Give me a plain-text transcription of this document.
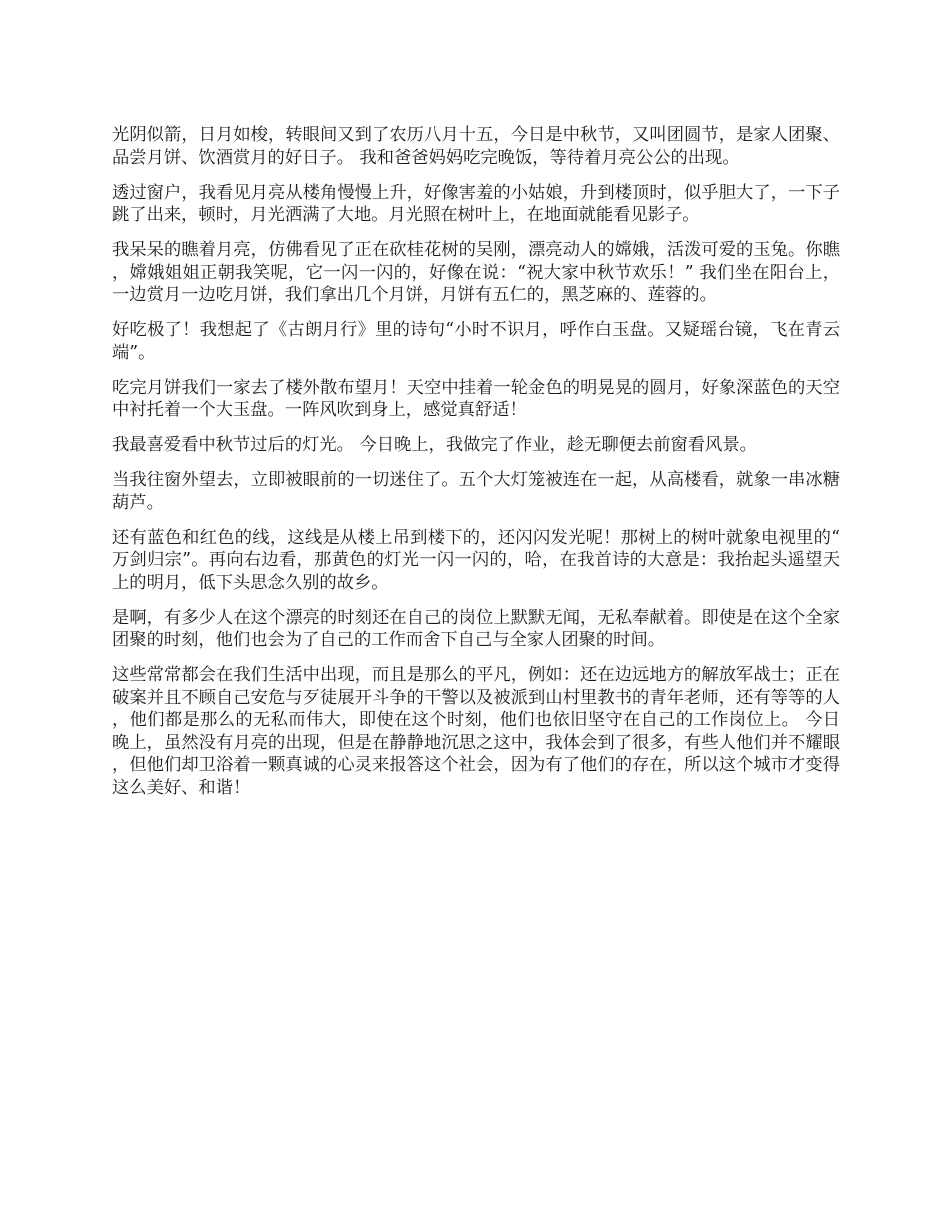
光阴似箭，日月如梭，转眼间又到了农历八月十五，今日是中秋节，又叫团圆节，是家人团聚、品尝月饼、饮酒赏月的好日子。 我和爸爸妈妈吃完晚饭，等待着月亮公公的出现。

透过窗户，我看见月亮从楼角慢慢上升，好像害羞的小姑娘，升到楼顶时，似乎胆大了，一下子跳了出来，顿时，月光洒满了大地。月光照在树叶上，在地面就能看见影子。

我呆呆的瞧着月亮，仿佛看见了正在砍桂花树的吴刚，漂亮动人的嫦娥，活泼可爱的玉兔。你瞧，嫦娥姐姐正朝我笑呢，它一闪一闪的，好像在说：“祝大家中秋节欢乐！” 我们坐在阳台上，一边赏月一边吃月饼，我们拿出几个月饼，月饼有五仁的，黑芝麻的、莲蓉的。

好吃极了！我想起了《古朗月行》里的诗句“小时不识月，呼作白玉盘。又疑瑶台镜，飞在青云端”。

吃完月饼我们一家去了楼外散布望月！天空中挂着一轮金色的明晃晃的圆月，好象深蓝色的天空中衬托着一个大玉盘。一阵风吹到身上，感觉真舒适！

我最喜爱看中秋节过后的灯光。 今日晚上，我做完了作业，趁无聊便去前窗看风景。

当我往窗外望去，立即被眼前的一切迷住了。五个大灯笼被连在一起，从高楼看，就象一串冰糖葫芦。

还有蓝色和红色的线，这线是从楼上吊到楼下的，还闪闪发光呢！那树上的树叶就象电视里的“万剑归宗”。再向右边看，那黄色的灯光一闪一闪的，哈，在我首诗的大意是：我抬起头遥望天上的明月，低下头思念久别的故乡。

是啊，有多少人在这个漂亮的时刻还在自己的岗位上默默无闻，无私奉献着。即使是在这个全家团聚的时刻，他们也会为了自己的工作而舍下自己与全家人团聚的时间。

这些常常都会在我们生活中出现，而且是那么的平凡，例如：还在边远地方的解放军战士；正在破案并且不顾自己安危与歹徒展开斗争的干警以及被派到山村里教书的青年老师，还有等等的人，他们都是那么的无私而伟大，即使在这个时刻，他们也依旧坚守在自己的工作岗位上。 今日晚上，虽然没有月亮的出现，但是在静静地沉思之这中，我体会到了很多，有些人他们并不耀眼，但他们却卫浴着一颗真诚的心灵来报答这个社会，因为有了他们的存在，所以这个城市才变得这么美好、和谐！
